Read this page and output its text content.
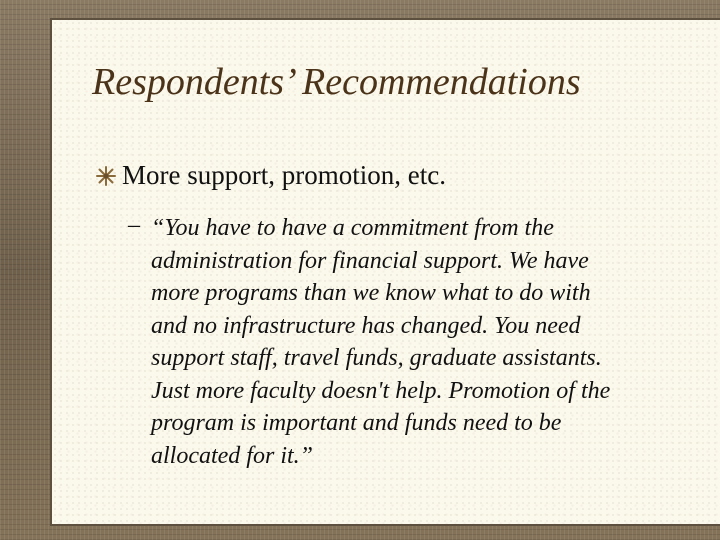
Respondents’ Recommendations
More support, promotion, etc.
– “You have to have a commitment from the
administration for financial support. We have
more programs than we know what to do with
and no infrastructure has changed. You need
support staff, travel funds, graduate assistants.
Just more faculty doesn't help. Promotion of the
program is important and funds need to be
allocated for it.”
